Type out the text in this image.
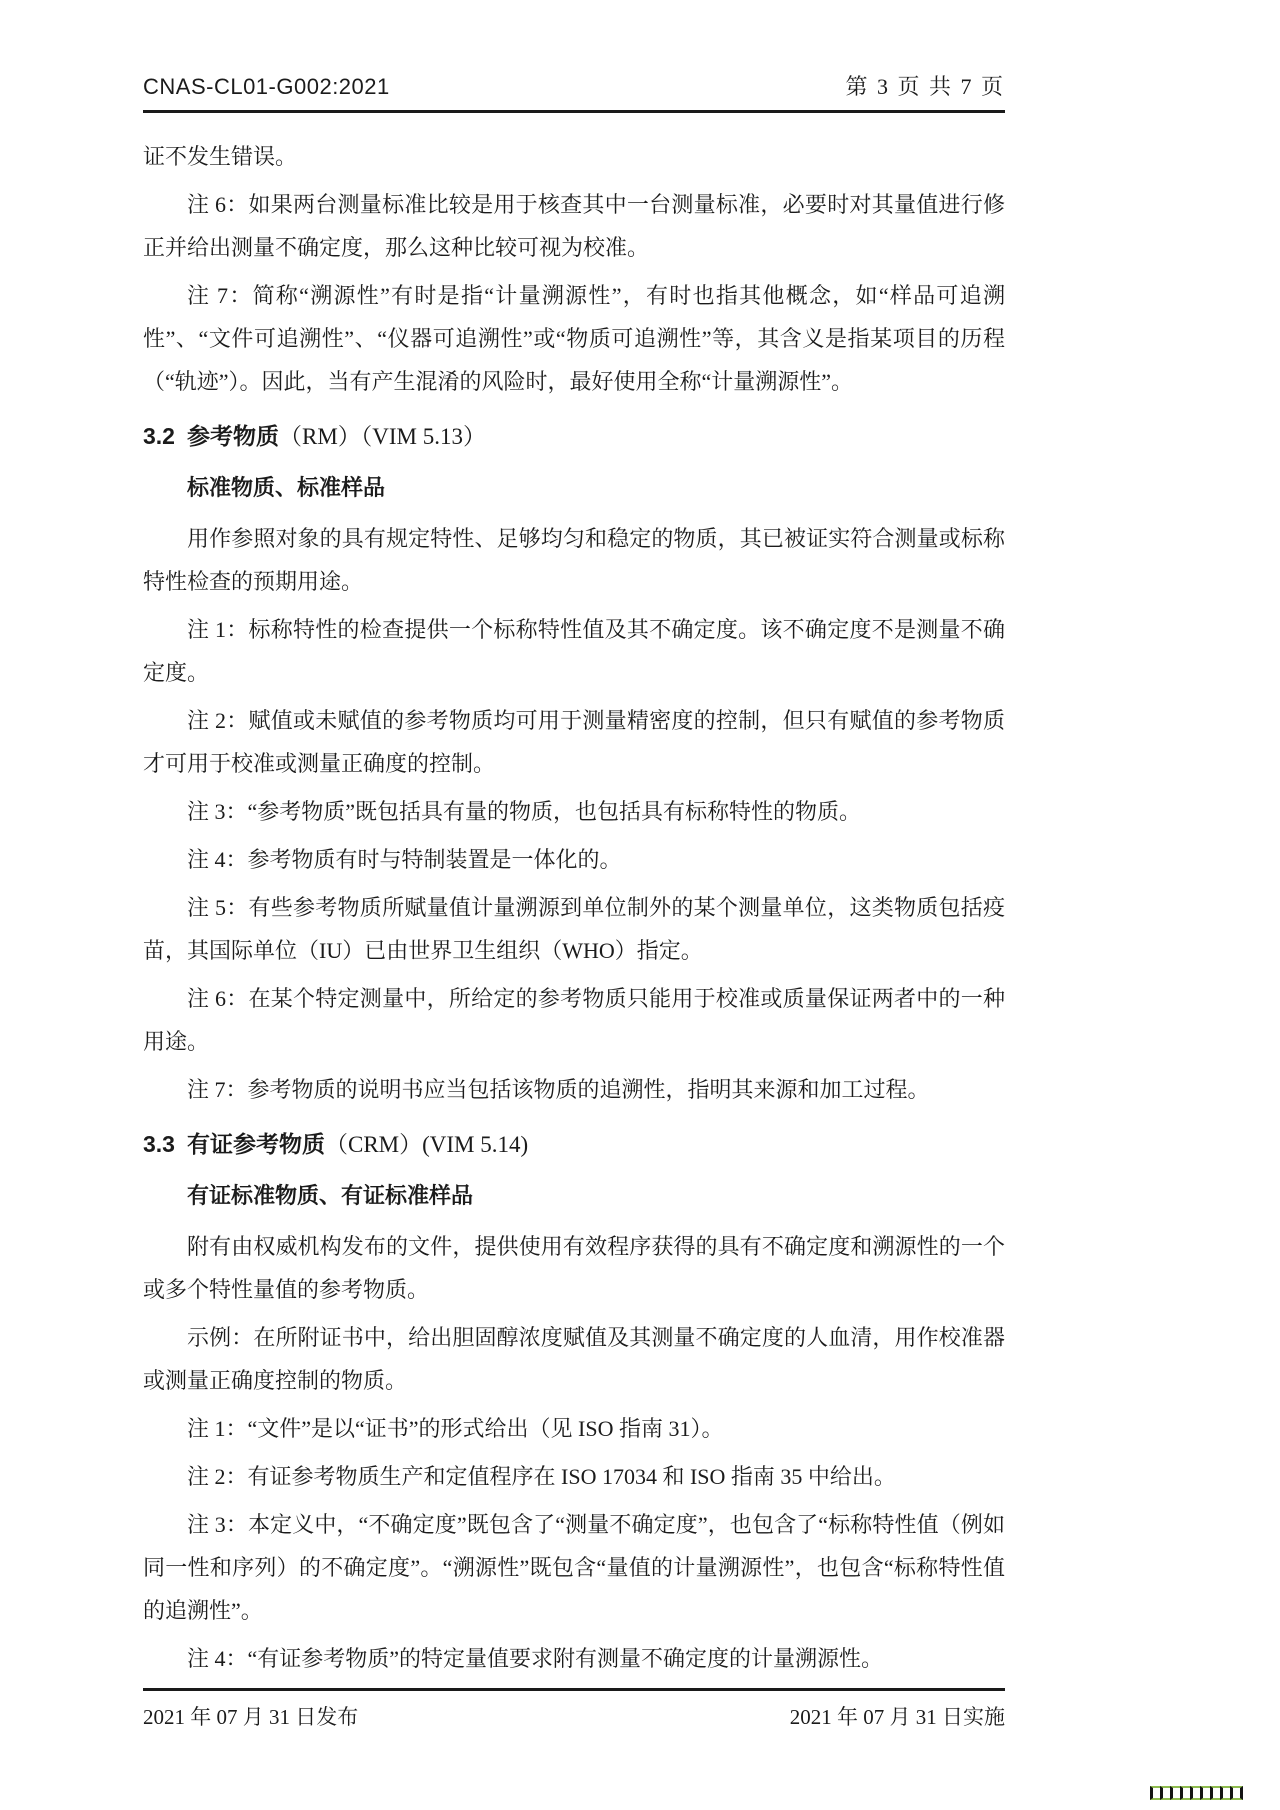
CNAS-CL01-G002:2021	第 3 页 共 7 页
证不发生错误。
注 6：如果两台测量标准比较是用于核查其中一台测量标准，必要时对其量值进行修正并给出测量不确定度，那么这种比较可视为校准。
注 7：简称“溯源性”有时是指“计量溯源性”，有时也指其他概念，如“样品可追溯性”、“文件可追溯性”、“仪器可追溯性”或“物质可追溯性”等，其含义是指某项目的历程（“轨迹”）。因此，当有产生混淆的风险时，最好使用全称“计量溯源性”。
3.2 参考物质（RM）（VIM 5.13）
标准物质、标准样品
用作参照对象的具有规定特性、足够均匀和稳定的物质，其已被证实符合测量或标称特性检查的预期用途。
注 1：标称特性的检查提供一个标称特性值及其不确定度。该不确定度不是测量不确定度。
注 2：赋值或未赋值的参考物质均可用于测量精密度的控制，但只有赋值的参考物质才可用于校准或测量正确度的控制。
注 3：“参考物质”既包括具有量的物质，也包括具有标称特性的物质。
注 4：参考物质有时与特制装置是一体化的。
注 5：有些参考物质所赋量值计量溯源到单位制外的某个测量单位，这类物质包括疫苗，其国际单位（IU）已由世界卫生组织（WHO）指定。
注 6：在某个特定测量中，所给定的参考物质只能用于校准或质量保证两者中的一种用途。
注 7：参考物质的说明书应当包括该物质的追溯性，指明其来源和加工过程。
3.3 有证参考物质（CRM）(VIM 5.14)
有证标准物质、有证标准样品
附有由权威机构发布的文件，提供使用有效程序获得的具有不确定度和溯源性的一个或多个特性量值的参考物质。
示例：在所附证书中，给出胆固醇浓度赋值及其测量不确定度的人血清，用作校准器或测量正确度控制的物质。
注 1：“文件”是以“证书”的形式给出（见 ISO 指南 31）。
注 2：有证参考物质生产和定值程序在 ISO 17034 和 ISO 指南 35 中给出。
注 3：本定义中，“不确定度”既包含了“测量不确定度”，也包含了“标称特性值（例如同一性和序列）的不确定度”。“溯源性”既包含“量值的计量溯源性”，也包含“标称特性值的追溯性”。
注 4：“有证参考物质”的特定量值要求附有测量不确定度的计量溯源性。
2021 年 07 月 31 日发布	2021 年 07 月 31 日实施
